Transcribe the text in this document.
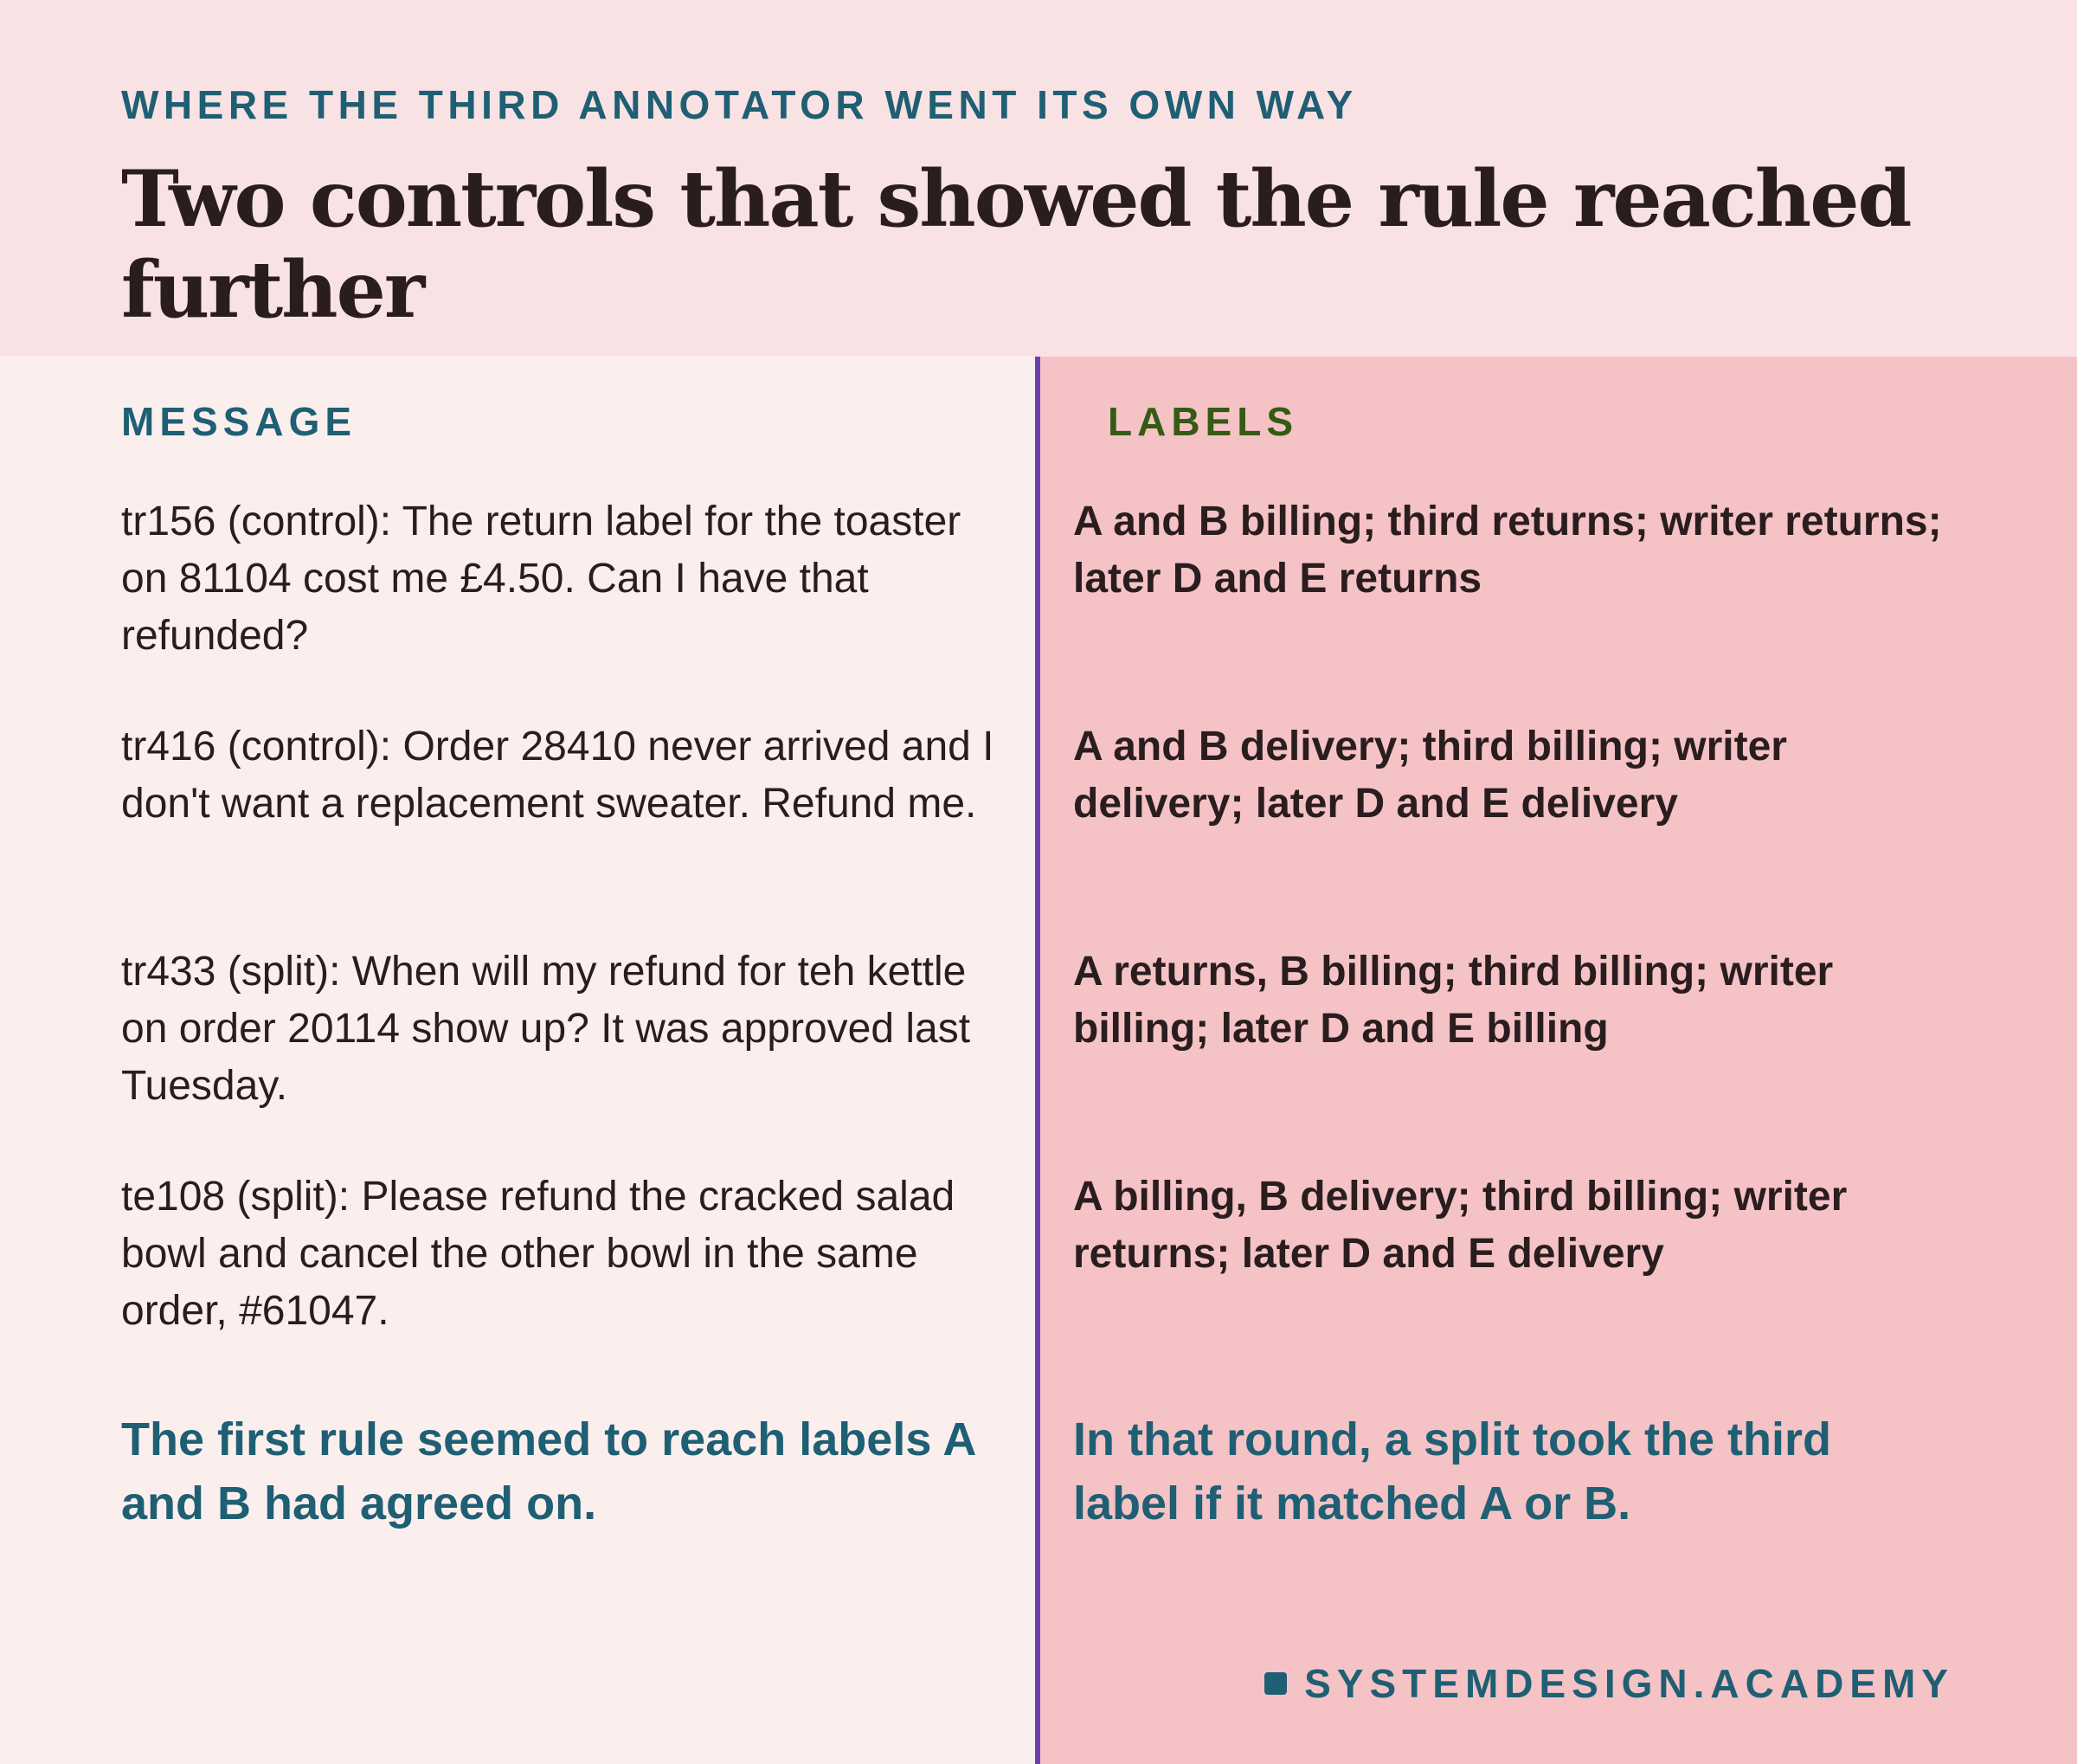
WHERE THE THIRD ANNOTATOR WENT ITS OWN WAY
Two controls that showed the rule reached further
MESSAGE	LABELS
tr156 (control): The return label for the toaster on 81104 cost me £4.50. Can I have that refunded?
A and B billing; third returns; writer returns; later D and E returns
tr416 (control): Order 28410 never arrived and I don't want a replacement sweater. Refund me.
A and B delivery; third billing; writer delivery; later D and E delivery
tr433 (split): When will my refund for teh kettle on order 20114 show up? It was approved last Tuesday.
A returns, B billing; third billing; writer billing; later D and E billing
te108 (split): Please refund the cracked salad bowl and cancel the other bowl in the same order, #61047.
A billing, B delivery; third billing; writer returns; later D and E delivery
The first rule seemed to reach labels A and B had agreed on.
In that round, a split took the third label if it matched A or B.
SYSTEMDESIGN.ACADEMY
